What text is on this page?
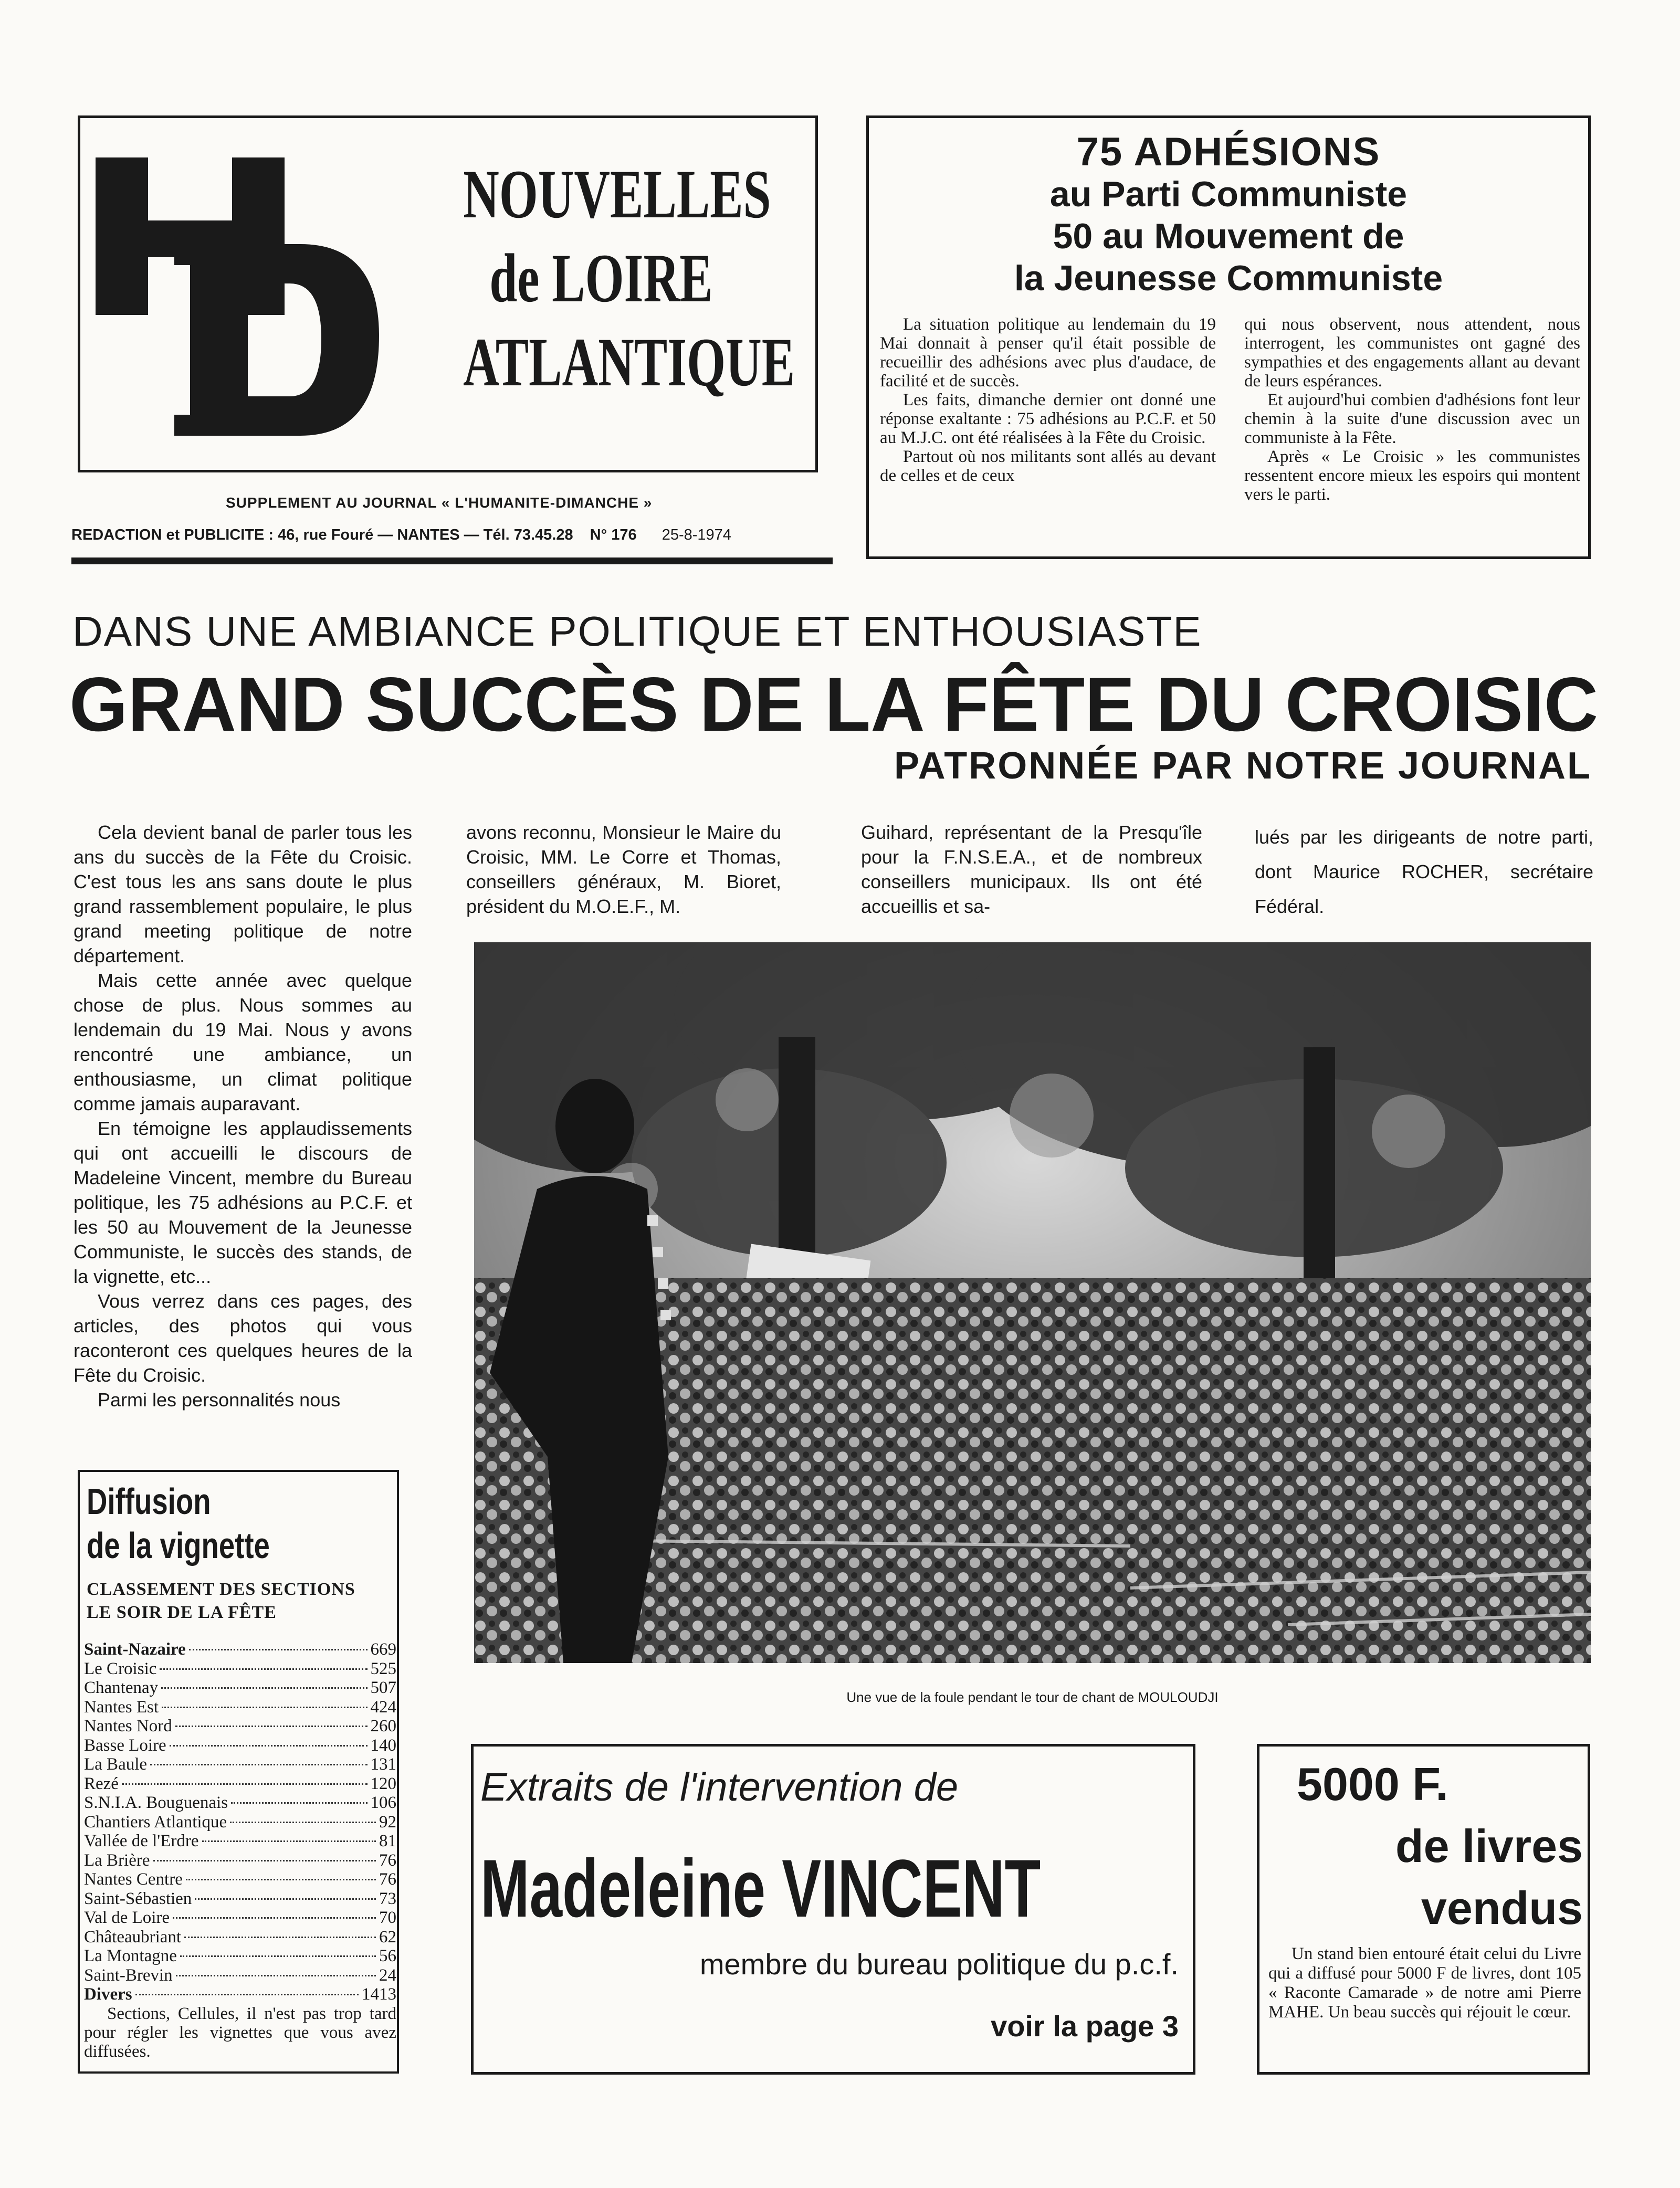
NOUVELLES
de LOIRE
ATLANTIQUE
SUPPLEMENT AU JOURNAL « L'HUMANITE-DIMANCHE »
REDACTION et PUBLICITE : 46, rue Fouré — NANTES — Tél. 73.45.28 N° 176 25-8-1974
75 ADHÉSIONS
au Parti Communiste
50 au Mouvement de
la Jeunesse Communiste

La situation politique au lendemain du 19 Mai donnait à penser qu'il était possible de recueillir des adhésions avec plus d'audace, de facilité et de succès.

Les faits, dimanche dernier ont donné une réponse exaltante : 75 adhésions au P.C.F. et 50 au M.J.C. ont été réalisées à la Fête du Croisic.

Partout où nos militants sont allés au devant de celles et de ceux

qui nous observent, nous attendent, nous interrogent, les communistes ont gagné des sympathies et des engagements allant au devant de leurs espérances.

Et aujourd'hui combien d'adhésions font leur chemin à la suite d'une discussion avec un communiste à la Fête.

Après « Le Croisic » les communistes ressentent encore mieux les espoirs qui montent vers le parti.

DANS UNE AMBIANCE POLITIQUE ET ENTHOUSIASTE
GRAND SUCCÈS DE LA FÊTE DU CROISIC
PATRONNÉE PAR NOTRE JOURNAL

Cela devient banal de parler tous les ans du succès de la Fête du Croisic. C'est tous les ans sans doute le plus grand rassemblement populaire, le plus grand meeting politique de notre département.

Mais cette année avec quelque chose de plus. Nous sommes au lendemain du 19 Mai. Nous y avons rencontré une ambiance, un enthousiasme, un climat politique comme jamais auparavant.

En témoigne les applaudissements qui ont accueilli le discours de Madeleine Vincent, membre du Bureau politique, les 75 adhésions au P.C.F. et les 50 au Mouvement de la Jeunesse Communiste, le succès des stands, de la vignette, etc...

Vous verrez dans ces pages, des articles, des photos qui vous raconteront ces quelques heures de la Fête du Croisic.

Parmi les personnalités nous

avons reconnu, Monsieur le Maire du Croisic, MM. Le Corre et Thomas, conseillers généraux, M. Bioret, président du M.O.E.F., M.
Guihard, représentant de la Presqu'île pour la F.N.S.E.A., et de nombreux conseillers municipaux. Ils ont été accueillis et sa-
lués par les dirigeants de notre parti, dont Maurice ROCHER, secrétaire Fédéral.
Une vue de la foule pendant le tour de chant de MOULOUDJI
Diffusion
de la vignette
CLASSEMENT DES SECTIONS
LE SOIR DE LA FÊTE
Saint-Nazaire	669
Le Croisic	525
Chantenay	507
Nantes Est	424
Nantes Nord	260
Basse Loire	140
La Baule	131
Rezé	120
S.N.I.A. Bouguenais	106
Chantiers Atlantique	92
Vallée de l'Erdre	81
La Brière	76
Nantes Centre	76
Saint-Sébastien	73
Val de Loire	70
Châteaubriant	62
La Montagne	56
Saint-Brevin	24
Divers	1413
Sections, Cellules, il n'est pas trop tard pour régler les vignettes que vous avez diffusées.
Extraits de l'intervention de
Madeleine VINCENT
membre du bureau politique du p.c.f.
voir la page 3
5000 F.
de livres
vendus
Un stand bien entouré était celui du Livre qui a diffusé pour 5000 F de livres, dont 105 « Raconte Camarade » de notre ami Pierre MAHE. Un beau succès qui réjouit le cœur.
